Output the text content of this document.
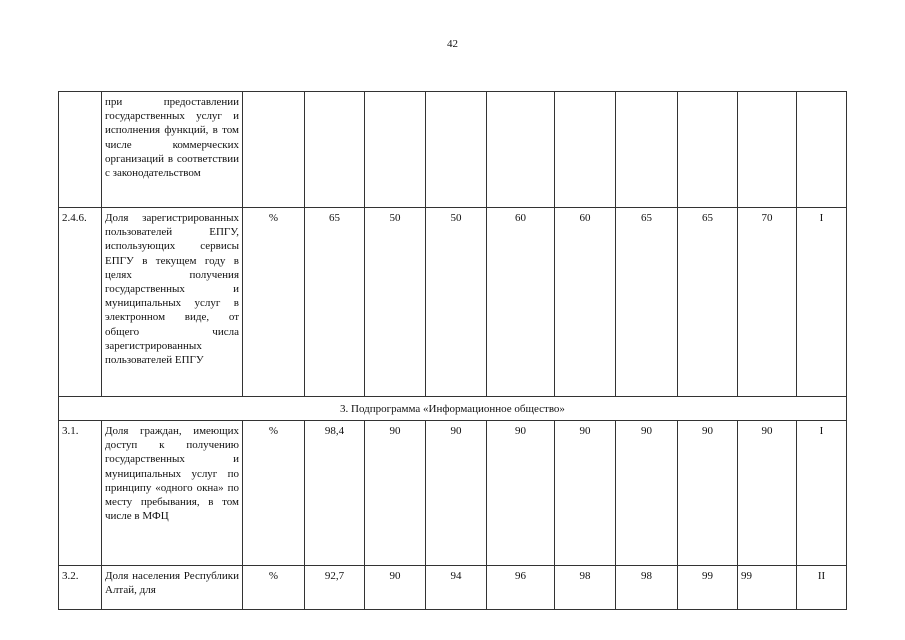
42
	при предоставлении государственных услуг и исполнения функций, в том числе коммерческих организаций в соответствии с законодательством										
2.4.6.	Доля зарегистрированных пользователей ЕПГУ, использующих сервисы ЕПГУ в текущем году в целях получения государственных и муниципальных услуг в электронном виде, от общего числа зарегистрированных пользователей ЕПГУ	%	65	50	50	60	60	65	65	70	I
3. Подпрограмма «Информационное общество»											
3.1.	Доля граждан, имеющих доступ к получению государственных и муниципальных услуг по принципу «одного окна» по месту пребывания, в том числе в МФЦ	%	98,4	90	90	90	90	90	90	90	I
3.2.	Доля населения Республики Алтай, для	%	92,7	90	94	96	98	98	99	99	II
